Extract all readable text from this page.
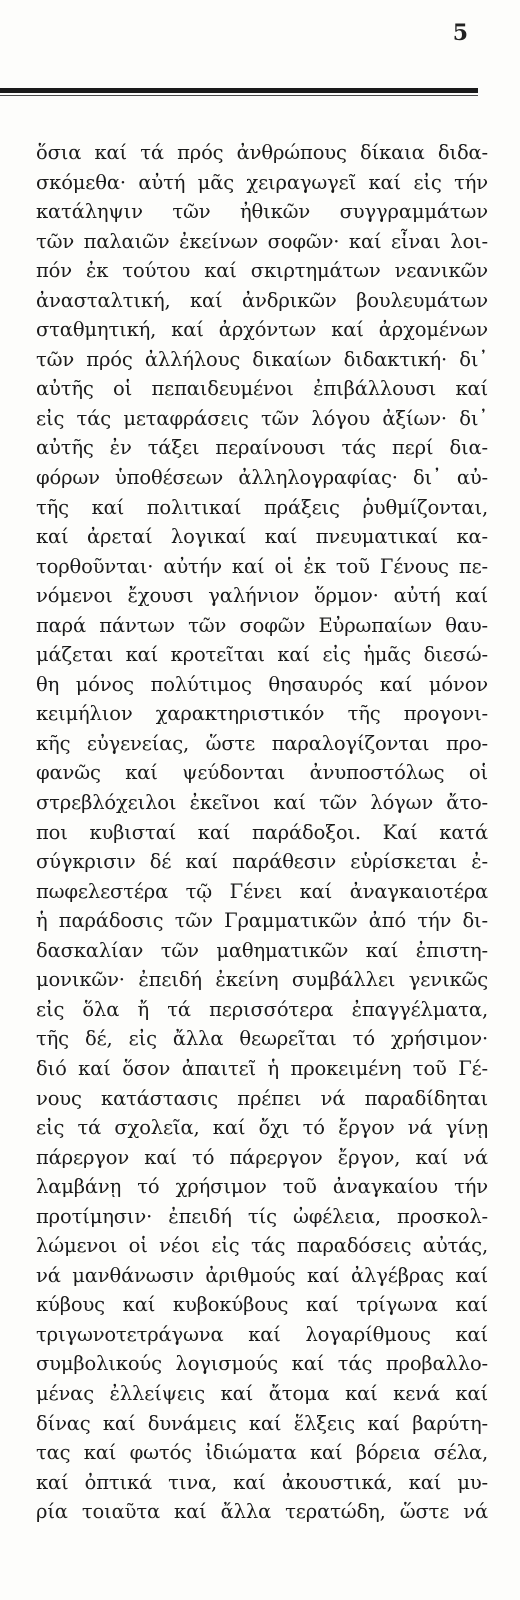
5
ὅσια καί τά πρός ἀνθρώπους δίκαια διδα-
σκόμεθα· αὐτή μᾶς χειραγωγεῖ καί εἰς τήν
κατάληψιν τῶν ἠθικῶν συγγραμμάτων
τῶν παλαιῶν ἐκείνων σοφῶν· καί εἶναι λοι-
πόν ἐκ τούτου καί σκιρτημάτων νεανικῶν
ἀνασταλτική, καί ἀνδρικῶν βουλευμάτων
σταθμητική, καί ἀρχόντων καί ἀρχομένων
τῶν πρός ἀλλήλους δικαίων διδακτική· δι᾽
αὐτῆς οἱ πεπαιδευμένοι ἐπιβάλλουσι καί
εἰς τάς μεταφράσεις τῶν λόγου ἀξίων· δι᾽
αὐτῆς ἐν τάξει περαίνουσι τάς περί δια-
φόρων ὑποθέσεων ἀλληλογραφίας· δι᾽ αὐ-
τῆς καί πολιτικαί πράξεις ῥυθμίζονται,
καί ἀρεταί λογικαί καί πνευματικαί κα-
τορθοῦνται· αὐτήν καί οἱ ἐκ τοῦ Γένους πε-
νόμενοι ἔχουσι γαλήνιον ὅρμον· αὐτή καί
παρά πάντων τῶν σοφῶν Εὐρωπαίων θαυ-
μάζεται καί κροτεῖται καί εἰς ἡμᾶς διεσώ-
θη μόνος πολύτιμος θησαυρός καί μόνον
κειμήλιον χαρακτηριστικόν τῆς προγονι-
κῆς εὐγενείας, ὥστε παραλογίζονται προ-
φανῶς καί ψεύδονται ἀνυποστόλως οἱ
στρεβλόχειλοι ἐκεῖνοι καί τῶν λόγων ἄτο-
ποι κυβισταί καί παράδοξοι. Καί κατά
σύγκρισιν δέ καί παράθεσιν εὑρίσκεται ἐ-
πωφελεστέρα τῷ Γένει καί ἀναγκαιοτέρα
ἡ παράδοσις τῶν Γραμματικῶν ἀπό τήν δι-
δασκαλίαν τῶν μαθηματικῶν καί ἐπιστη-
μονικῶν· ἐπειδή ἐκείνη συμβάλλει γενικῶς
εἰς ὅλα ἤ τά περισσότερα ἐπαγγέλματα,
τῆς δέ, εἰς ἄλλα θεωρεῖται τό χρήσιμον·
διό καί ὅσον ἀπαιτεῖ ἡ προκειμένη τοῦ Γέ-
νους κατάστασις πρέπει νά παραδίδηται
εἰς τά σχολεῖα, καί ὄχι τό ἔργον νά γίνῃ
πάρεργον καί τό πάρεργον ἔργον, καί νά
λαμβάνῃ τό χρήσιμον τοῦ ἀναγκαίου τήν
προτίμησιν· ἐπειδή τίς ὠφέλεια, προσκολ-
λώμενοι οἱ νέοι εἰς τάς παραδόσεις αὐτάς,
νά μανθάνωσιν ἀριθμούς καί ἀλγέβρας καί
κύβους καί κυβοκύβους καί τρίγωνα καί
τριγωνοτετράγωνα καί λογαρίθμους καί
συμβολικούς λογισμούς καί τάς προβαλλο-
μένας ἐλλείψεις καί ἄτομα καί κενά καί
δίνας καί δυνάμεις καί ἕλξεις καί βαρύτη-
τας καί φωτός ἰδιώματα καί βόρεια σέλα,
καί ὀπτικά τινα, καί ἀκουστικά, καί μυ-
ρία τοιαῦτα καί ἄλλα τερατώδη, ὥστε νά
